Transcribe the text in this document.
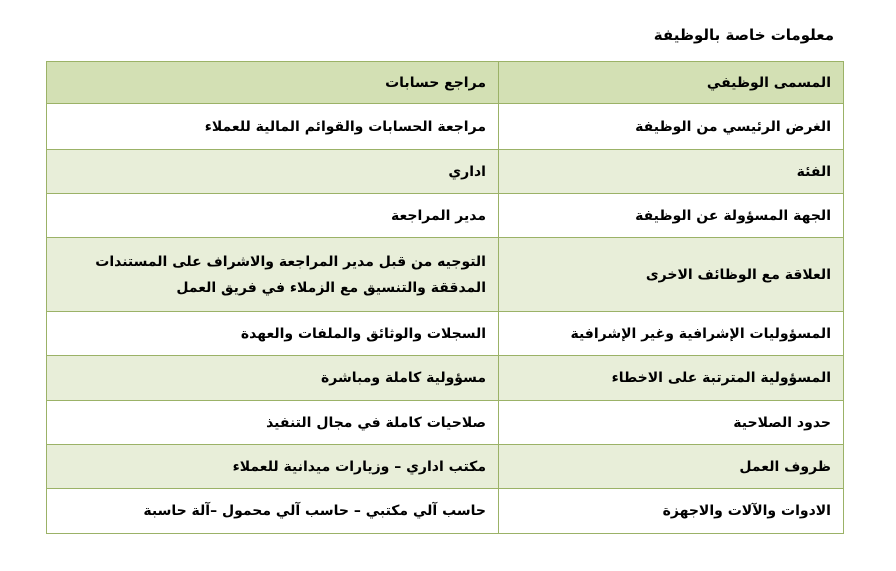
معلومات خاصة بالوظيفة
المسمى الوظيفي	مراجع حسابات
الغرض الرئيسي من الوظيفة	مراجعة الحسابات والقوائم المالية للعملاء
الفئة	اداري
الجهة المسؤولة عن الوظيفة	مدير المراجعة
العلاقة مع الوظائف الاخرى	التوجيه من قبل مدير المراجعة والاشراف على المستندات المدققة والتنسيق مع الزملاء في فريق العمل
المسؤوليات الإشرافية وغير الإشرافية	السجلات والوثائق والملفات والعهدة
المسؤولية المترتبة على الاخطاء	مسؤولية كاملة ومباشرة
حدود الصلاحية	صلاحيات كاملة في مجال التنفيذ
ظروف العمل	مكتب اداري – وزيارات ميدانية للعملاء
الادوات والآلات والاجهزة	حاسب آلي مكتبي – حاسب آلي محمول –آلة حاسبة
